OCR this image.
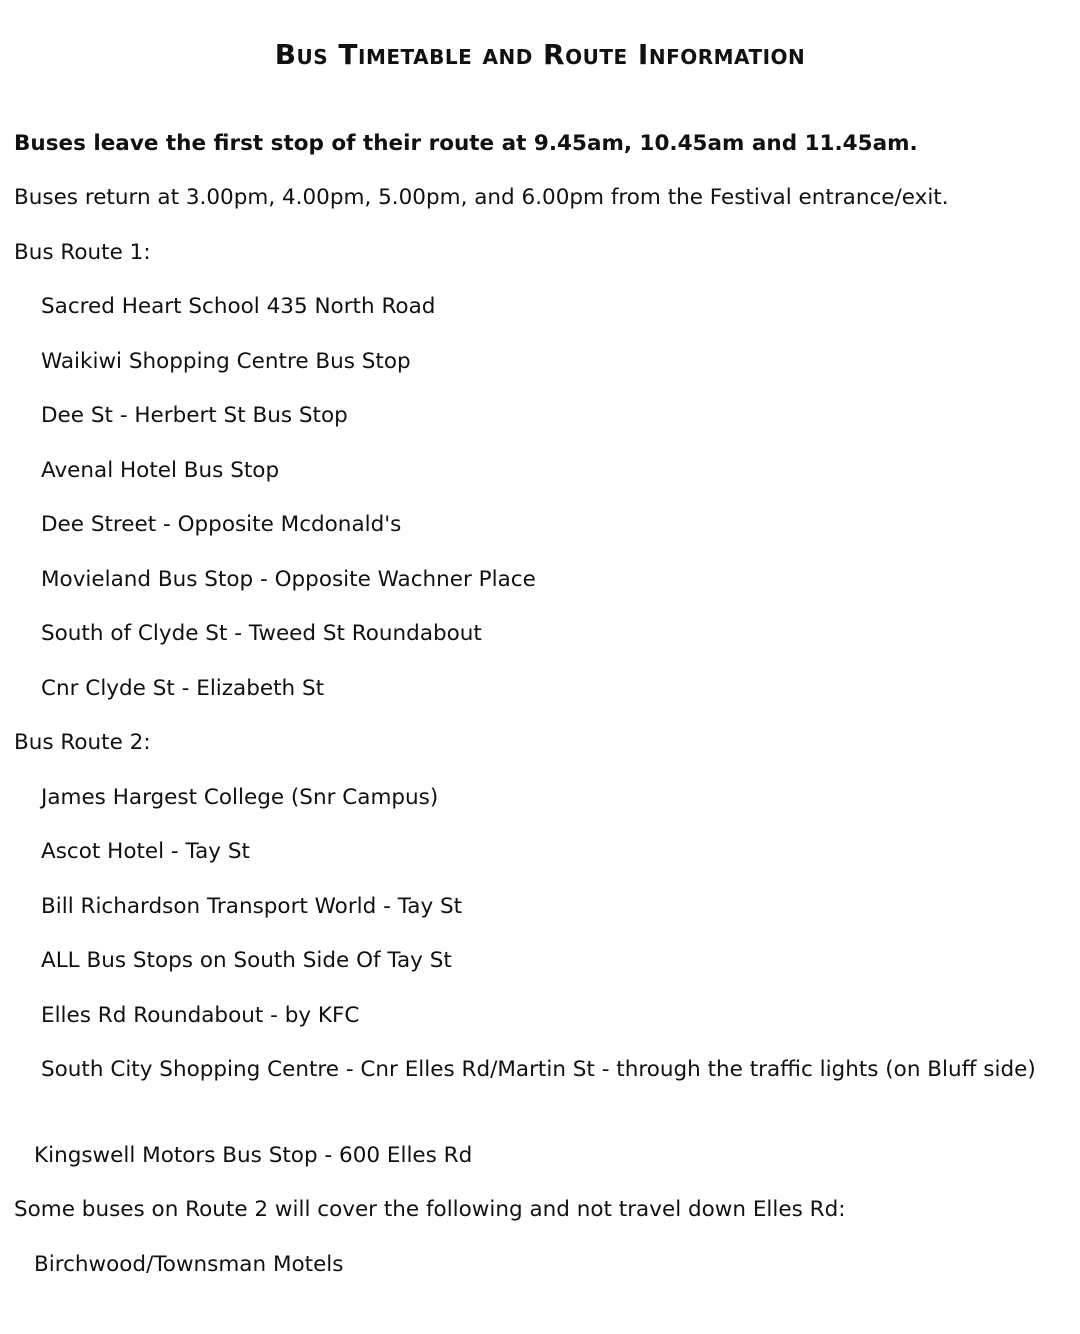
Bus Timetable and Route Information

Buses leave the first stop of their route at 9.45am, 10.45am and 11.45am.

Buses return at 3.00pm, 4.00pm, 5.00pm, and 6.00pm from the Festival entrance/exit.

Bus Route 1:

Sacred Heart School 435 North Road

Waikiwi Shopping Centre Bus Stop

Dee St - Herbert St Bus Stop

Avenal Hotel Bus Stop

Dee Street - Opposite Mcdonald's

Movieland Bus Stop - Opposite Wachner Place

South of Clyde St - Tweed St Roundabout

Cnr Clyde St - Elizabeth St

Bus Route 2:

James Hargest College (Snr Campus)

Ascot Hotel - Tay St

Bill Richardson Transport World - Tay St

ALL Bus Stops on South Side Of Tay St

Elles Rd Roundabout - by KFC

South City Shopping Centre - Cnr Elles Rd/Martin St - through the traffic lights (on Bluff side)

Kingswell Motors Bus Stop - 600 Elles Rd

Some buses on Route 2 will cover the following and not travel down Elles Rd:

Birchwood/Townsman Motels
